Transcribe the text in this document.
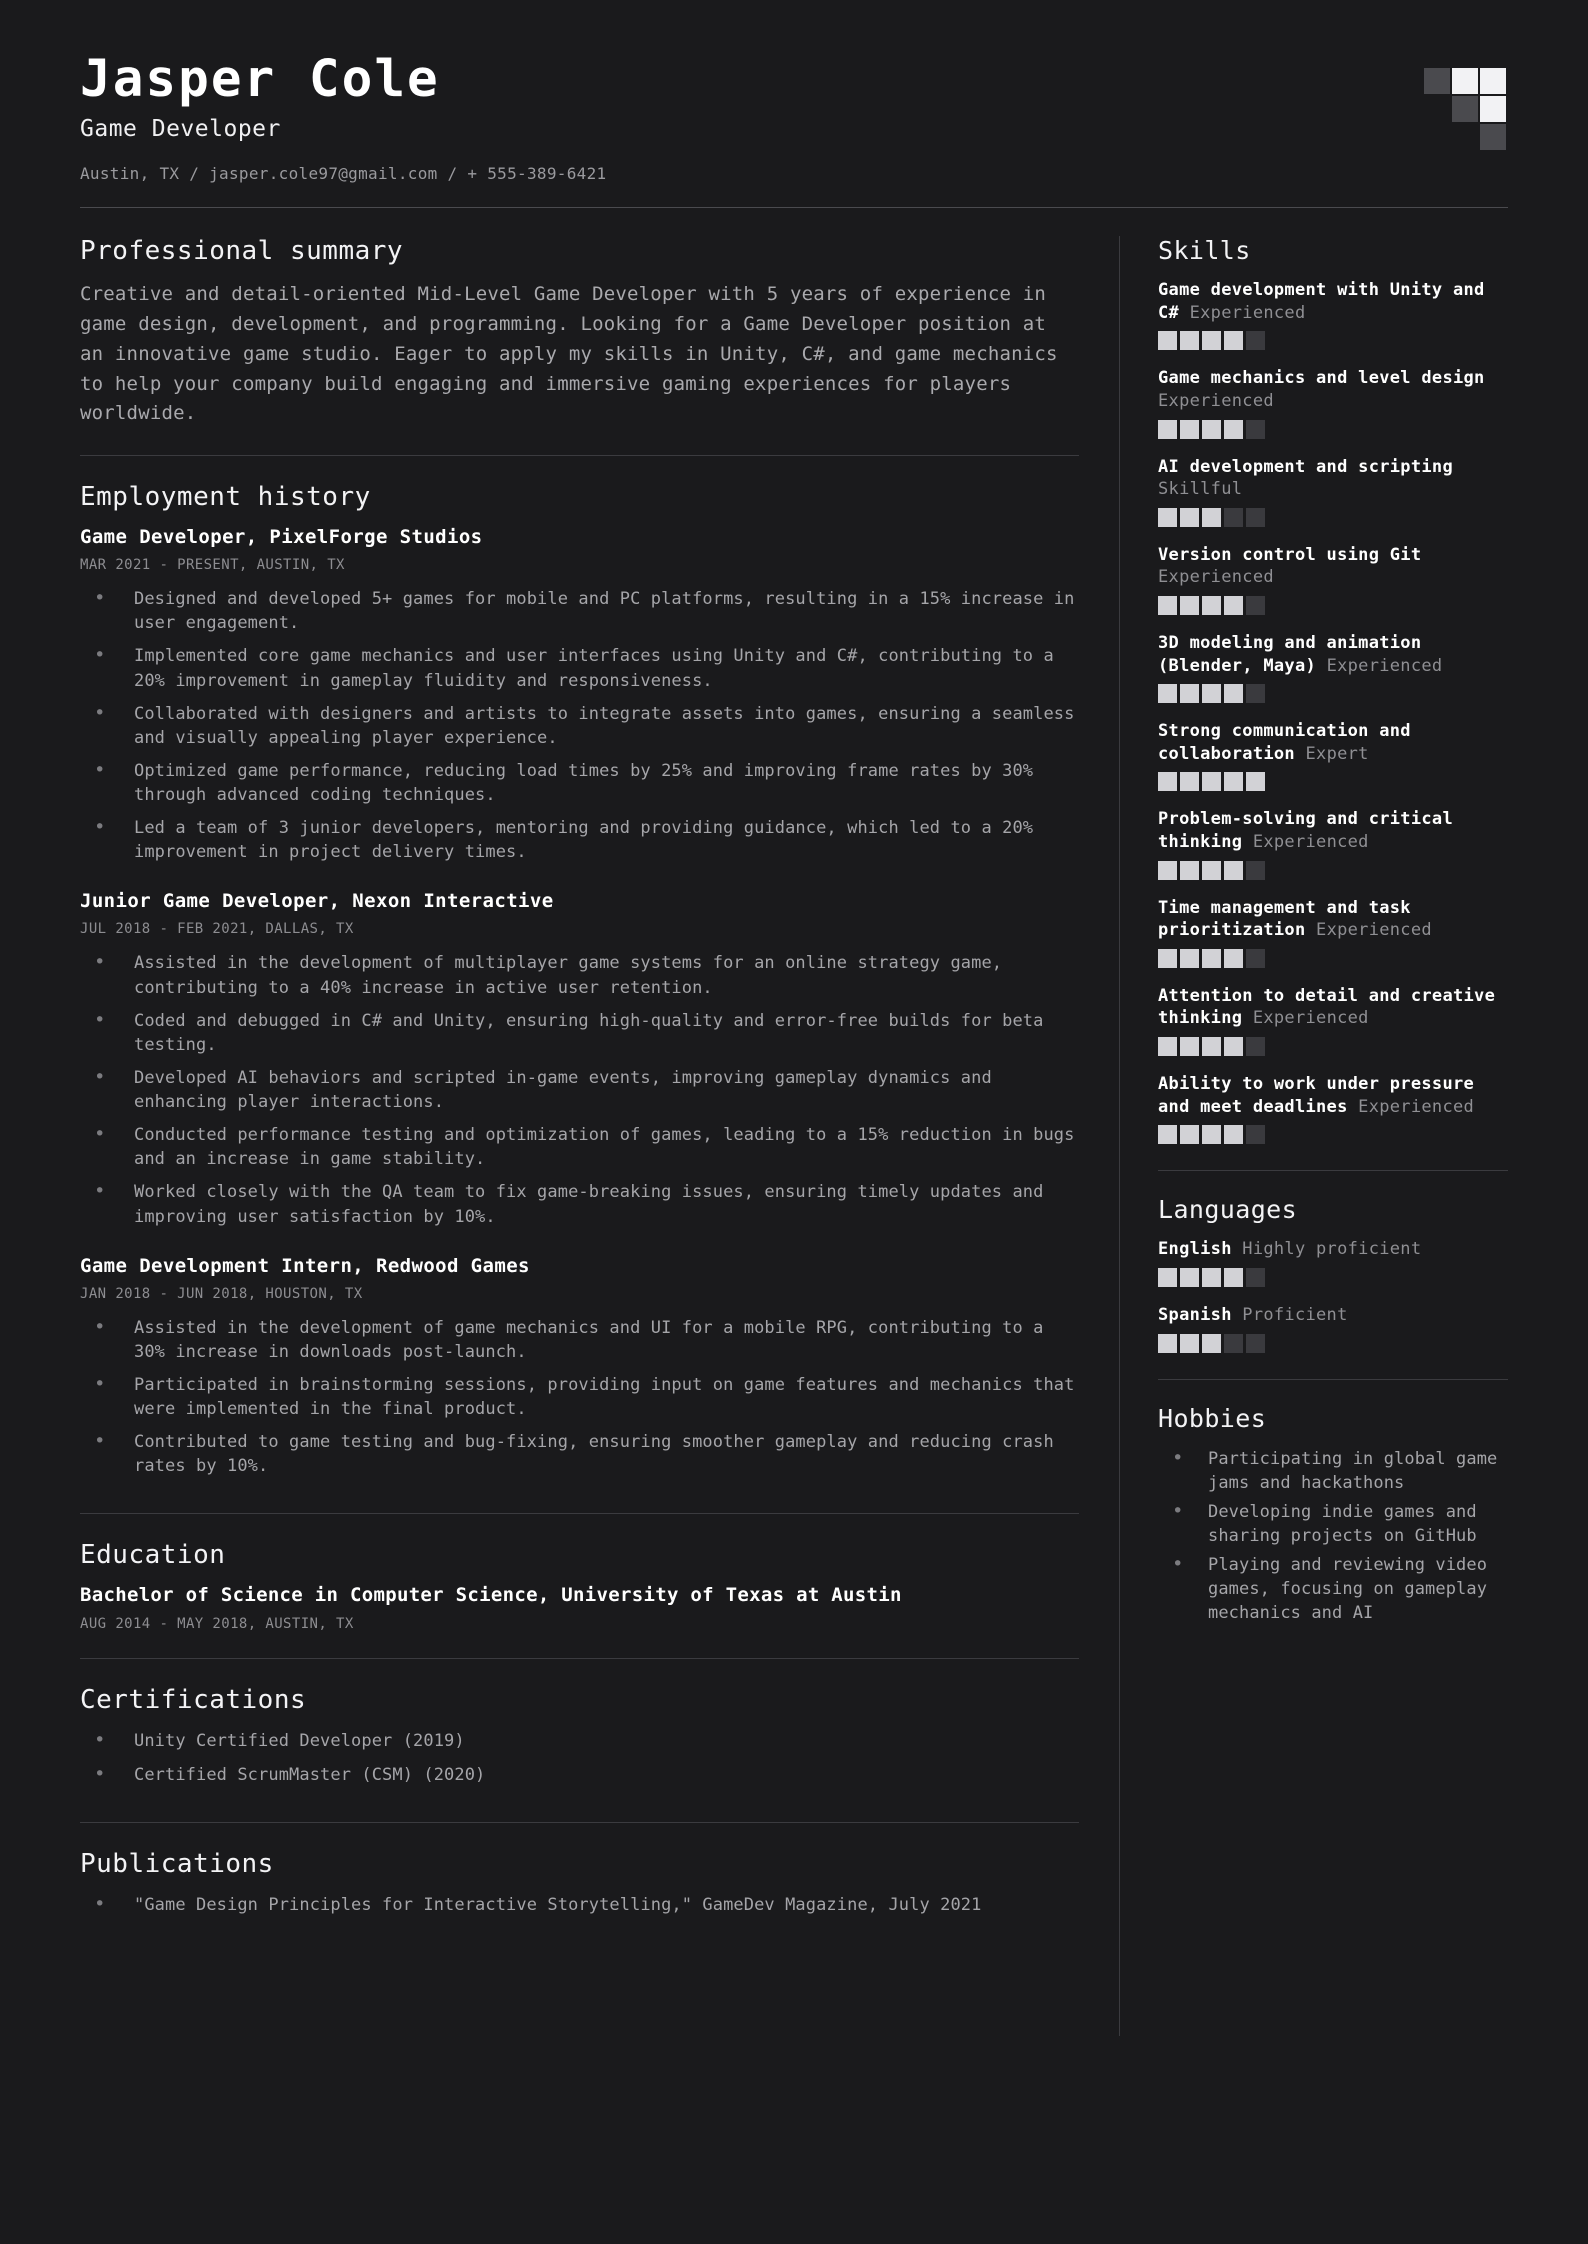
Jasper Cole
Game Developer
Austin, TX / jasper.cole97@gmail.com / + 555-389-6421
Professional summary
Creative and detail-oriented Mid-Level Game Developer with 5 years of experience in game design, development, and programming. Looking for a Game Developer position at an innovative game studio. Eager to apply my skills in Unity, C#, and game mechanics to help your company build engaging and immersive gaming experiences for players worldwide.
Employment history
Game Developer, PixelForge Studios
MAR 2021 - PRESENT, AUSTIN, TX
• Designed and developed 5+ games for mobile and PC platforms, resulting in a 15% increase in user engagement.
• Implemented core game mechanics and user interfaces using Unity and C#, contributing to a 20% improvement in gameplay fluidity and responsiveness.
• Collaborated with designers and artists to integrate assets into games, ensuring a seamless and visually appealing player experience.
• Optimized game performance, reducing load times by 25% and improving frame rates by 30% through advanced coding techniques.
• Led a team of 3 junior developers, mentoring and providing guidance, which led to a 20% improvement in project delivery times.
Junior Game Developer, Nexon Interactive
JUL 2018 - FEB 2021, DALLAS, TX
• Assisted in the development of multiplayer game systems for an online strategy game, contributing to a 40% increase in active user retention.
• Coded and debugged in C# and Unity, ensuring high-quality and error-free builds for beta testing.
• Developed AI behaviors and scripted in-game events, improving gameplay dynamics and enhancing player interactions.
• Conducted performance testing and optimization of games, leading to a 15% reduction in bugs and an increase in game stability.
• Worked closely with the QA team to fix game-breaking issues, ensuring timely updates and improving user satisfaction by 10%.
Game Development Intern, Redwood Games
JAN 2018 - JUN 2018, HOUSTON, TX
• Assisted in the development of game mechanics and UI for a mobile RPG, contributing to a 30% increase in downloads post-launch.
• Participated in brainstorming sessions, providing input on game features and mechanics that were implemented in the final product.
• Contributed to game testing and bug-fixing, ensuring smoother gameplay and reducing crash rates by 10%.
Education
Bachelor of Science in Computer Science, University of Texas at Austin
AUG 2014 - MAY 2018, AUSTIN, TX
Certifications
• Unity Certified Developer (2019)
• Certified ScrumMaster (CSM) (2020)
Publications
• "Game Design Principles for Interactive Storytelling," GameDev Magazine, July 2021
Skills
Game development with Unity and C# Experienced
Game mechanics and level design Experienced
AI development and scripting Skillful
Version control using Git Experienced
3D modeling and animation (Blender, Maya) Experienced
Strong communication and collaboration Expert
Problem-solving and critical thinking Experienced
Time management and task prioritization Experienced
Attention to detail and creative thinking Experienced
Ability to work under pressure and meet deadlines Experienced
Languages
English Highly proficient
Spanish Proficient
Hobbies
• Participating in global game jams and hackathons
• Developing indie games and sharing projects on GitHub
• Playing and reviewing video games, focusing on gameplay mechanics and AI
